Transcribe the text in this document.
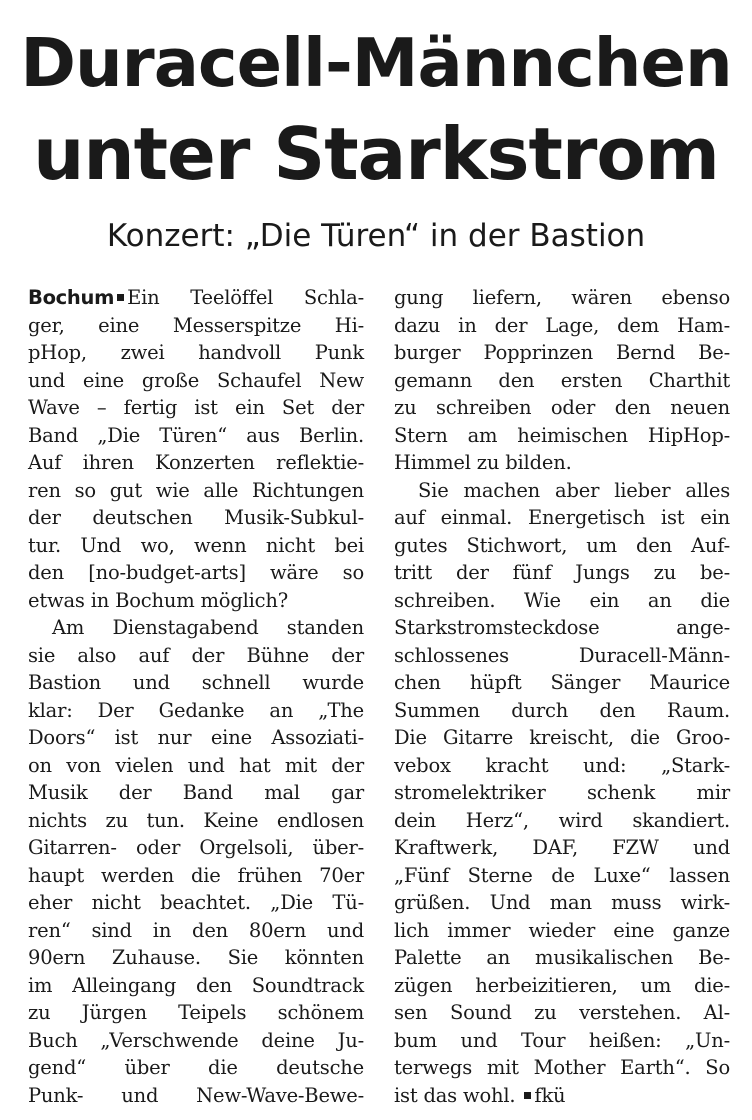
Duracell-Männchen
unter Starkstrom
Konzert: „Die Türen“ in der Bastion
Bochum Ein Teelöffel Schla-
ger, eine Messerspitze Hi-
pHop, zwei handvoll Punk
und eine große Schaufel New
Wave – fertig ist ein Set der
Band „Die Türen“ aus Berlin.
Auf ihren Konzerten reflektie-
ren so gut wie alle Richtungen
der deutschen Musik-Subkul-
tur. Und wo, wenn nicht bei
den [no-budget-arts] wäre so
etwas in Bochum möglich?
Am Dienstagabend standen
sie also auf der Bühne der
Bastion und schnell wurde
klar: Der Gedanke an „The
Doors“ ist nur eine Assoziati-
on von vielen und hat mit der
Musik der Band mal gar
nichts zu tun. Keine endlosen
Gitarren- oder Orgelsoli, über-
haupt werden die frühen 70er
eher nicht beachtet. „Die Tü-
ren“ sind in den 80ern und
90ern Zuhause. Sie könnten
im Alleingang den Soundtrack
zu Jürgen Teipels schönem
Buch „Verschwende deine Ju-
gend“ über die deutsche
Punk- und New-Wave-Bewe-
gung liefern, wären ebenso
dazu in der Lage, dem Ham-
burger Popprinzen Bernd Be-
gemann den ersten Charthit
zu schreiben oder den neuen
Stern am heimischen HipHop-
Himmel zu bilden.
Sie machen aber lieber alles
auf einmal. Energetisch ist ein
gutes Stichwort, um den Auf-
tritt der fünf Jungs zu be-
schreiben. Wie ein an die
Starkstromsteckdose ange-
schlossenes Duracell-Männ-
chen hüpft Sänger Maurice
Summen durch den Raum.
Die Gitarre kreischt, die Groo-
vebox kracht und: „Stark-
stromelektriker schenk mir
dein Herz“, wird skandiert.
Kraftwerk, DAF, FZW und
„Fünf Sterne de Luxe“ lassen
grüßen. Und man muss wirk-
lich immer wieder eine ganze
Palette an musikalischen Be-
zügen herbeizitieren, um die-
sen Sound zu verstehen. Al-
bum und Tour heißen: „Un-
terwegs mit Mother Earth“. So
ist das wohl. fkü
